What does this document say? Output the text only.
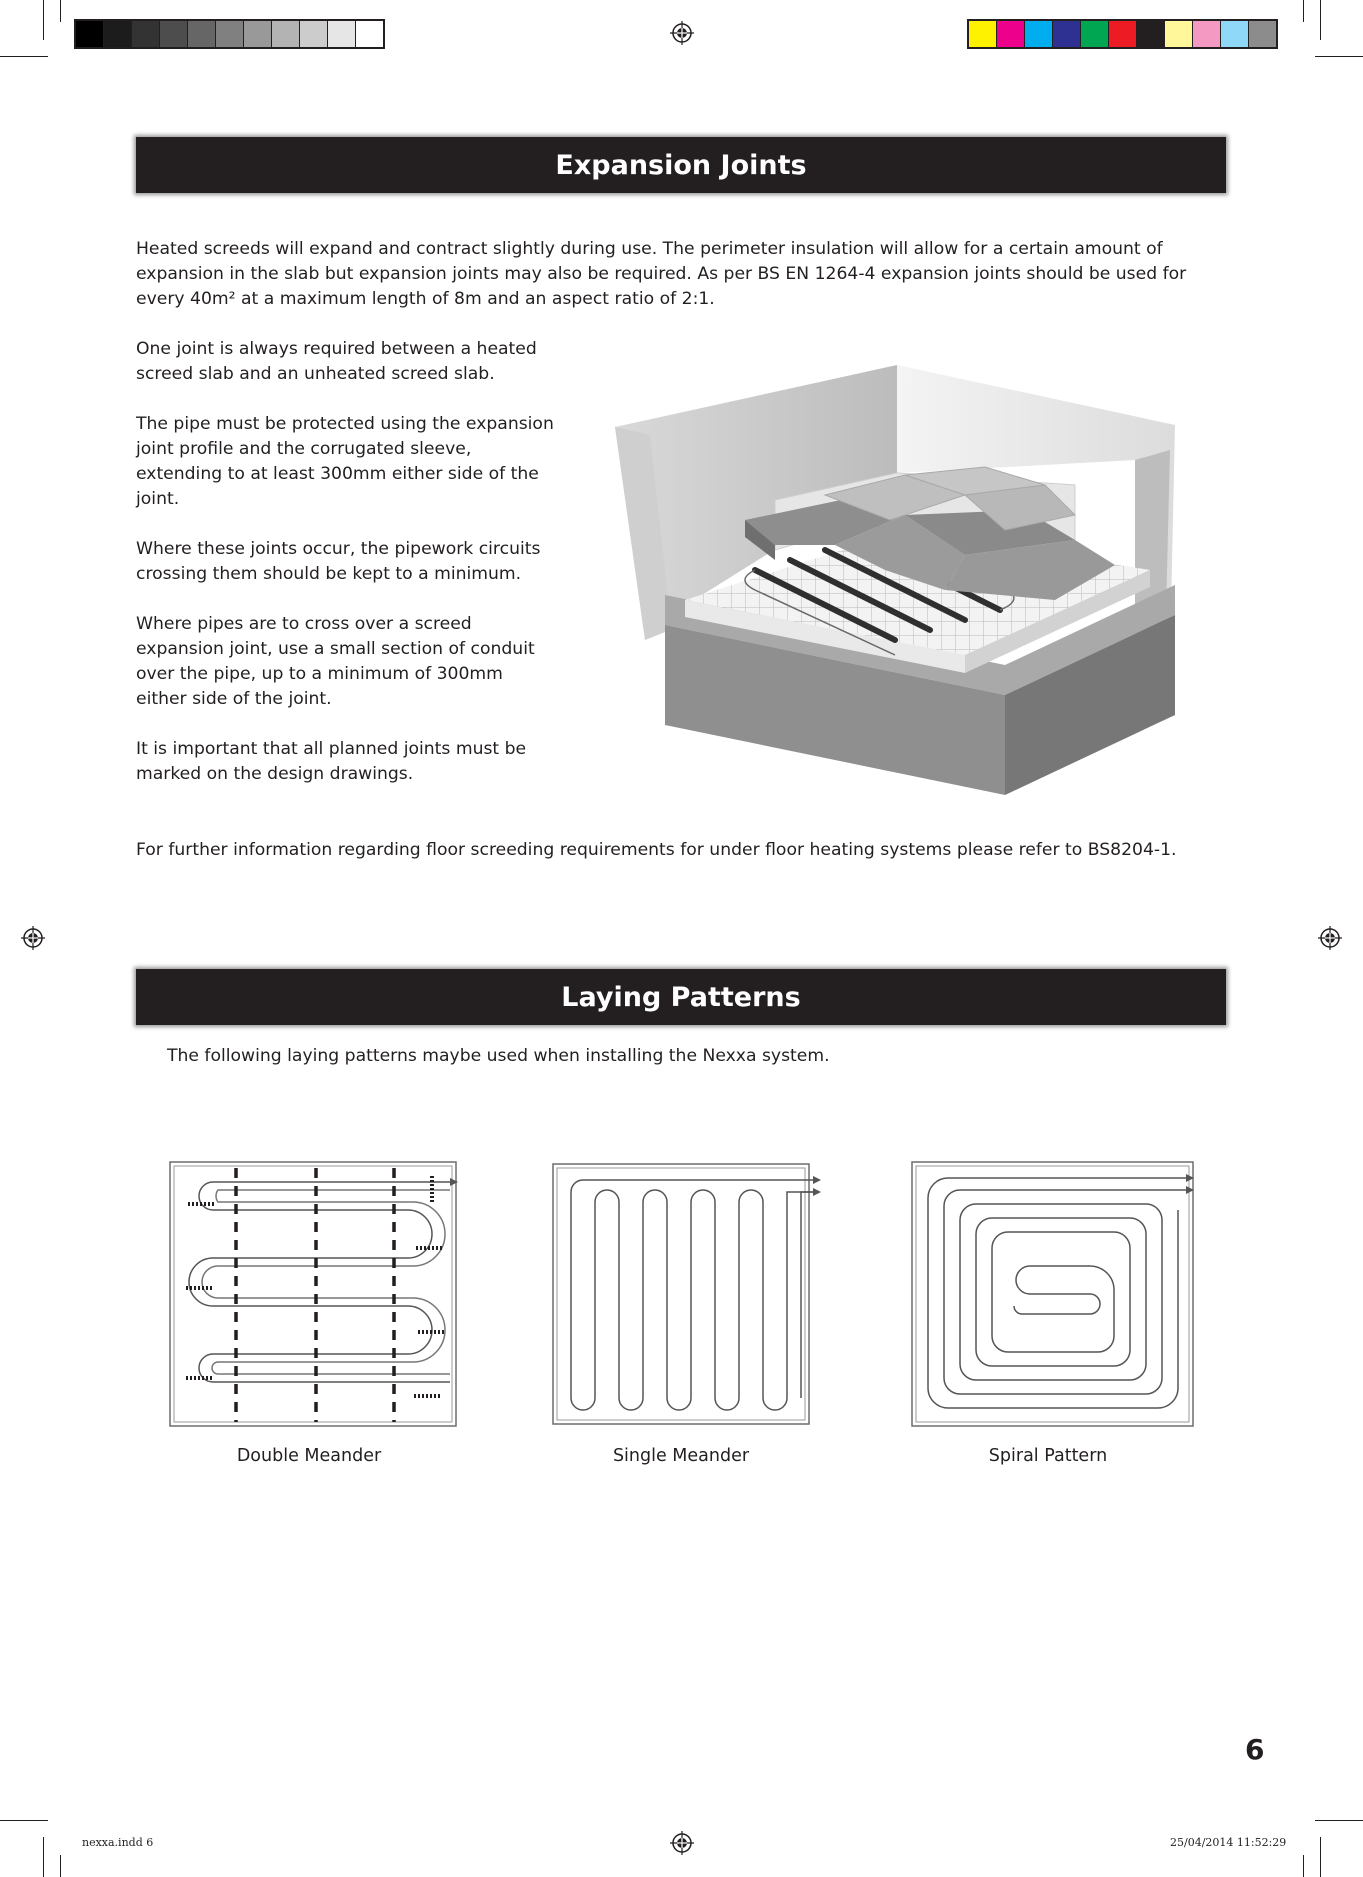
Expansion Joints

Heated screeds will expand and contract slightly during use. The perimeter insulation will allow for a certain amount of expansion in the slab but expansion joints may also be required. As per BS EN 1264-4 expansion joints should be used for every 40m² at a maximum length of 8m and an aspect ratio of 2:1.

One joint is always required between a heated screed slab and an unheated screed slab.

The pipe must be protected using the expansion joint profile and the corrugated sleeve, extending to at least 300mm either side of the joint.

Where these joints occur, the pipework circuits crossing them should be kept to a minimum.

Where pipes are to cross over a screed expansion joint, use a small section of conduit over the pipe, up to a minimum of 300mm either side of the joint.

It is important that all planned joints must be marked on the design drawings.

For further information regarding floor screeding requirements for under floor heating systems please refer to BS8204-1.

Laying Patterns

The following laying patterns maybe used when installing the Nexxa system.

Double Meander	Single Meander	Spiral Pattern
6
nexxa.indd 6	25/04/2014 11:52:29
